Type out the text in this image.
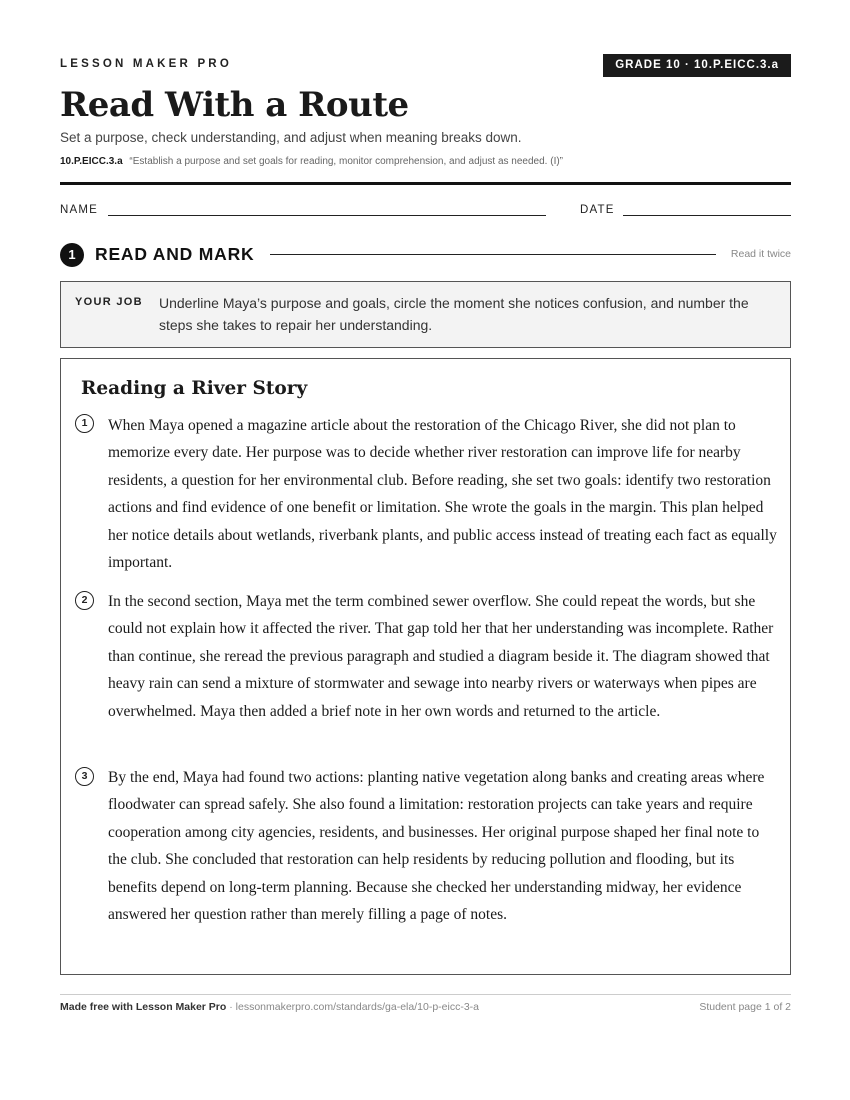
LESSON MAKER PRO	GRADE 10 · 10.P.EICC.3.a
Read With a Route
Set a purpose, check understanding, and adjust when meaning breaks down.
10.P.EICC.3.a “Establish a purpose and set goals for reading, monitor comprehension, and adjust as needed. (I)”
NAME	DATE
1	READ AND MARK	Read it twice
YOUR JOB Underline Maya’s purpose and goals, circle the moment she notices confusion, and number the steps she takes to repair her understanding.
Reading a River Story
1	When Maya opened a magazine article about the restoration of the Chicago River, she did not plan to memorize every date. Her purpose was to decide whether river restoration can improve life for nearby residents, a question for her environmental club. Before reading, she set two goals: identify two restoration actions and find evidence of one benefit or limitation. She wrote the goals in the margin. This plan helped her notice details about wetlands, riverbank plants, and public access instead of treating each fact as equally important.
2	In the second section, Maya met the term combined sewer overflow. She could repeat the words, but she could not explain how it affected the river. That gap told her that her understanding was incomplete. Rather than continue, she reread the previous paragraph and studied a diagram beside it. The diagram showed that heavy rain can send a mixture of stormwater and sewage into nearby rivers or waterways when pipes are overwhelmed. Maya then added a brief note in her own words and returned to the article.
3	By the end, Maya had found two actions: planting native vegetation along banks and creating areas where floodwater can spread safely. She also found a limitation: restoration projects can take years and require cooperation among city agencies, residents, and businesses. Her original purpose shaped her final note to the club. She concluded that restoration can help residents by reducing pollution and flooding, but its benefits depend on long-term planning. Because she checked her understanding midway, her evidence answered her question rather than merely filling a page of notes.
Made free with Lesson Maker Pro · lessonmakerpro.com/standards/ga-ela/10-p-eicc-3-a	Student page 1 of 2
